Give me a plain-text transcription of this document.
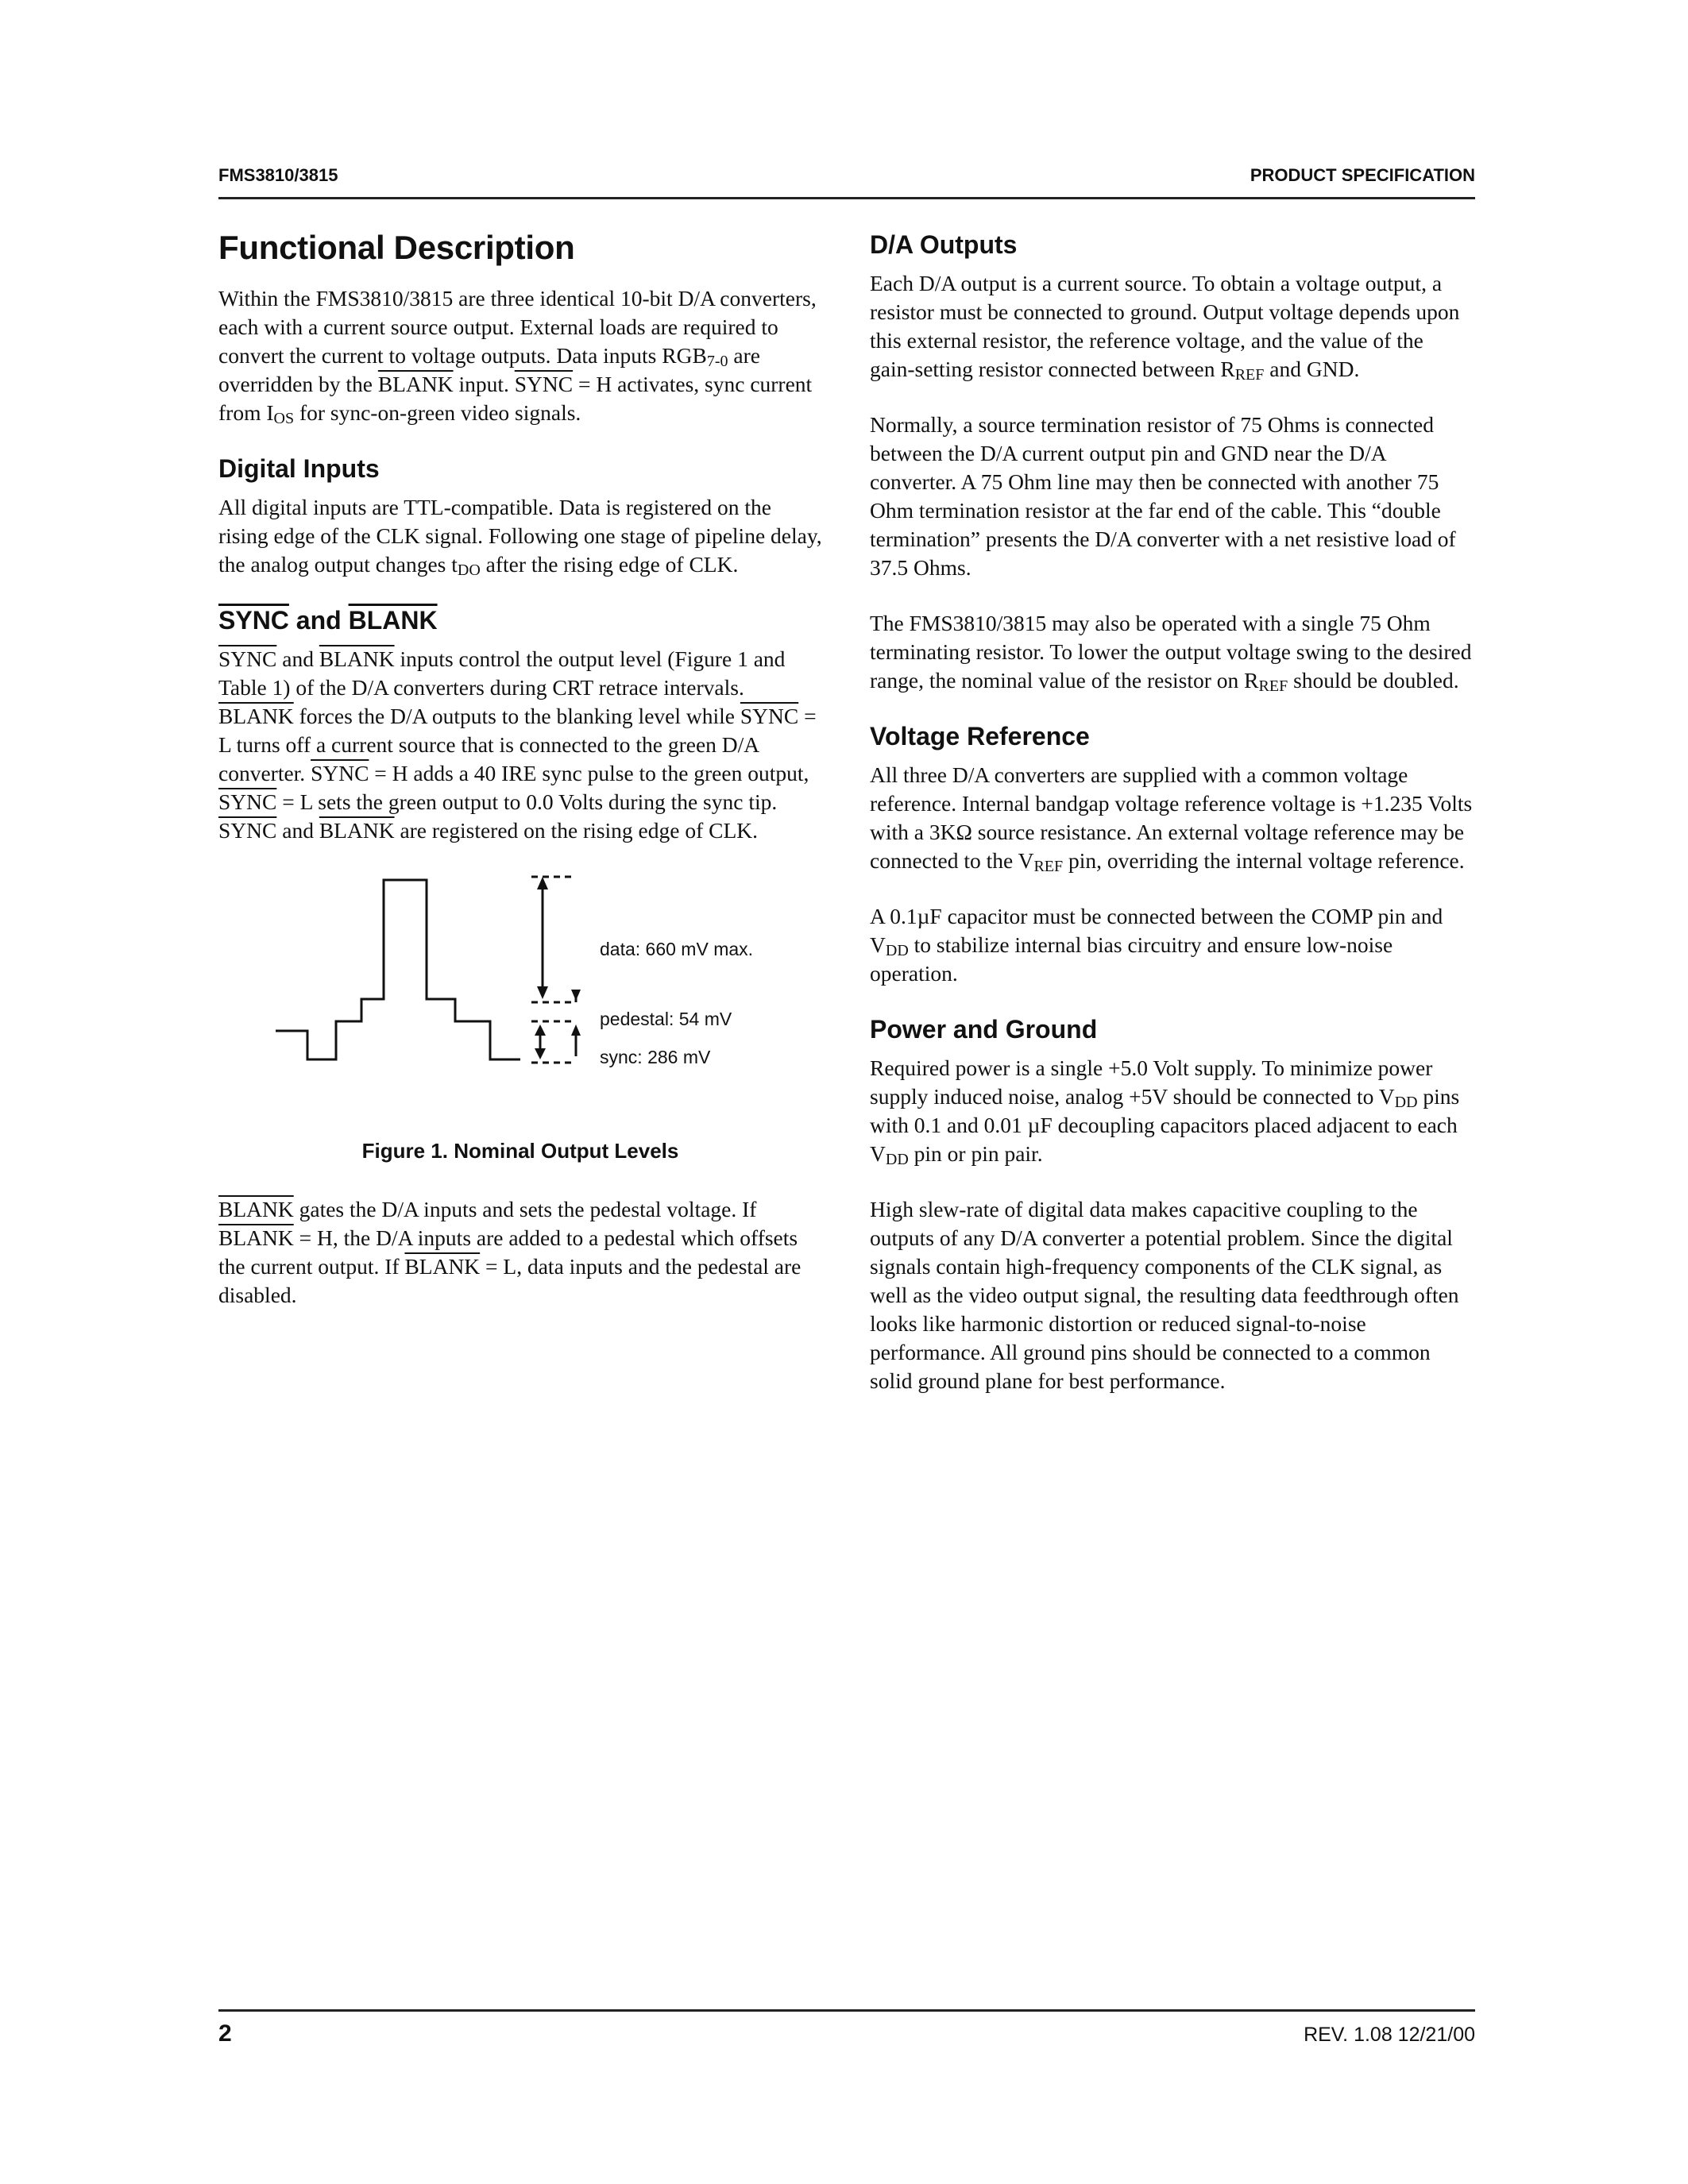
FMS3810/3815	PRODUCT SPECIFICATION
Functional Description

Within the FMS3810/3815 are three identical 10-bit D/A converters, each with a current source output. External loads are required to convert the current to voltage outputs. Data inputs $RGB_{7-0}$ are overridden by the BLANK input. SYNC = H activates, sync current from $I_{OS}$ for sync-on-green video signals.

Digital Inputs

All digital inputs are TTL-compatible. Data is registered on the rising edge of the CLK signal. Following one stage of pipeline delay, the analog output changes $t_{DO}$ after the rising edge of CLK.

SYNC and BLANK

SYNC and BLANK inputs control the output level (Figure 1 and Table 1) of the D/A converters during CRT retrace intervals. BLANK forces the D/A outputs to the blanking level while SYNC = L turns off a current source that is connected to the green D/A converter. SYNC = H adds a 40 IRE sync pulse to the green output, SYNC = L sets the green output to 0.0 Volts during the sync tip. SYNC and BLANK are registered on the rising edge of CLK.

data: 660 mV max.
pedestal: 54 mV
sync: 286 mV
Figure 1. Nominal Output Levels

BLANK gates the D/A inputs and sets the pedestal voltage. If BLANK = H, the D/A inputs are added to a pedestal which offsets the current output. If BLANK = L, data inputs and the pedestal are disabled.

D/A Outputs

Each D/A output is a current source. To obtain a voltage output, a resistor must be connected to ground. Output voltage depends upon this external resistor, the reference voltage, and the value of the gain-setting resistor connected between $R_{REF}$ and GND.

Normally, a source termination resistor of 75 Ohms is connected between the D/A current output pin and GND near the D/A converter. A 75 Ohm line may then be connected with another 75 Ohm termination resistor at the far end of the cable. This “double termination” presents the D/A converter with a net resistive load of 37.5 Ohms.

The FMS3810/3815 may also be operated with a single 75 Ohm terminating resistor. To lower the output voltage swing to the desired range, the nominal value of the resistor on $R_{REF}$ should be doubled.

Voltage Reference

All three D/A converters are supplied with a common voltage reference. Internal bandgap voltage reference voltage is +1.235 Volts with a 3KΩ source resistance. An external voltage reference may be connected to the $V_{REF}$ pin, overriding the internal voltage reference.

A 0.1µF capacitor must be connected between the COMP pin and $V_{DD}$ to stabilize internal bias circuitry and ensure low-noise operation.

Power and Ground

Required power is a single +5.0 Volt supply. To minimize power supply induced noise, analog +5V should be connected to $V_{DD}$ pins with 0.1 and 0.01 µF decoupling capacitors placed adjacent to each $V_{DD}$ pin or pin pair.

High slew-rate of digital data makes capacitive coupling to the outputs of any D/A converter a potential problem. Since the digital signals contain high-frequency components of the CLK signal, as well as the video output signal, the resulting data feedthrough often looks like harmonic distortion or reduced signal-to-noise performance. All ground pins should be connected to a common solid ground plane for best performance.

2	REV. 1.08 12/21/00
